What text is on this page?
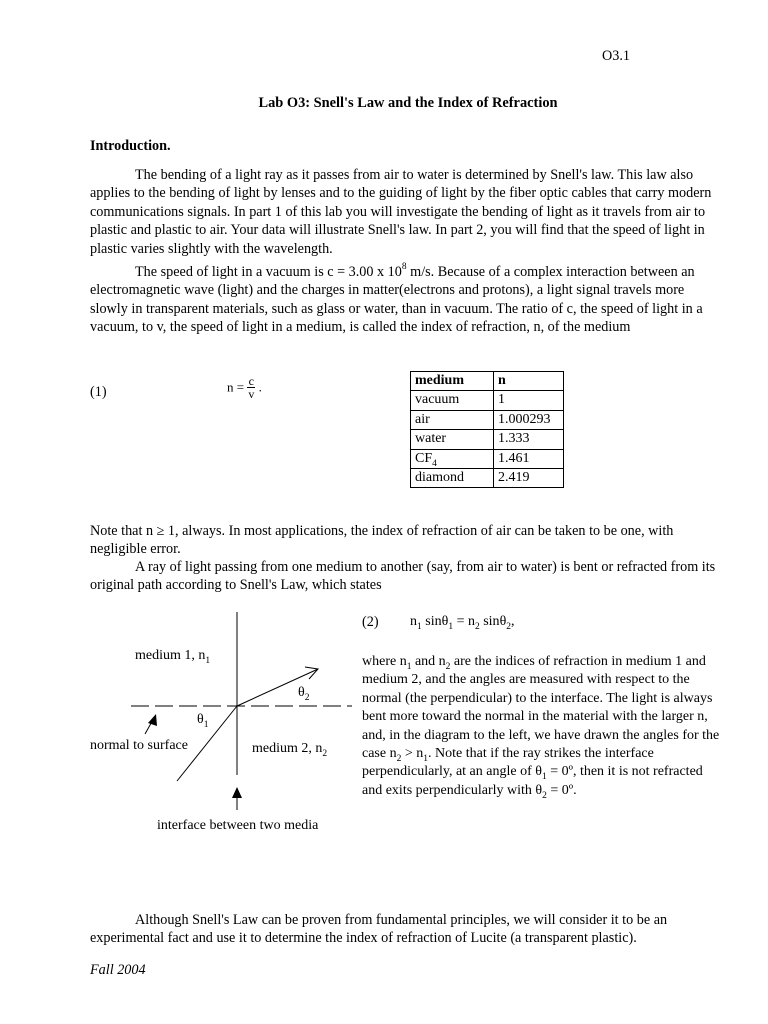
O3.1
Lab O3: Snell's Law and the Index of Refraction
Introduction.

The bending of a light ray as it passes from air to water is determined by Snell's law. This law also applies to the bending of light by lenses and to the guiding of light by the fiber optic cables that carry modern communications signals. In part 1 of this lab you will investigate the bending of light as it travels from air to plastic and plastic to air. Your data will illustrate Snell's law. In part 2, you will find that the speed of light in plastic varies slightly with the wavelength.

The speed of light in a vacuum is c = 3.00 x $10^8$ m/s. Because of a complex interaction between an electromagnetic wave (light) and the charges in matter(electrons and protons), a light signal travels more slowly in transparent materials, such as glass or water, than in vacuum. The ratio of c, the speed of light in a vacuum, to v, the speed of light in a medium, is called the index of refraction, n, of the medium

(1)	$n = \frac{c}{v}$ .	medium	n
vacuum	1
air	1.000293
water	1.333
$CF_4$	1.461
diamond	2.419

Note that n ≥ 1, always. In most applications, the index of refraction of air can be taken to be one, with negligible error.

A ray of light passing from one medium to another (say, from air to water) is bent or refracted from its original path according to Snell's Law, which states

medium 1, $n_1$
$\theta_2$
$\theta_1$
normal to surface	medium 2, $n_2$
interface between two media
(2) $n_1$ $\sin\theta_1 = n_2$ sinθ$_2$,

where $n_1$ and $n_2$ are the indices of refraction in medium 1 and medium 2, and the angles are measured with respect to the normal (the perpendicular) to the interface. The light is always bent more toward the normal in the material with the larger n, and, in the diagram to the left, we have drawn the angles for the case $n_2 > n_1$. Note that if the ray strikes the interface perpendicularly, at an angle of $\theta_1$ = 0º, then it is not refracted and exits perpendicularly with $\theta_2$ = 0º.

Although Snell's Law can be proven from fundamental principles, we will consider it to be an experimental fact and use it to determine the index of refraction of Lucite (a transparent plastic).

Fall 2004
